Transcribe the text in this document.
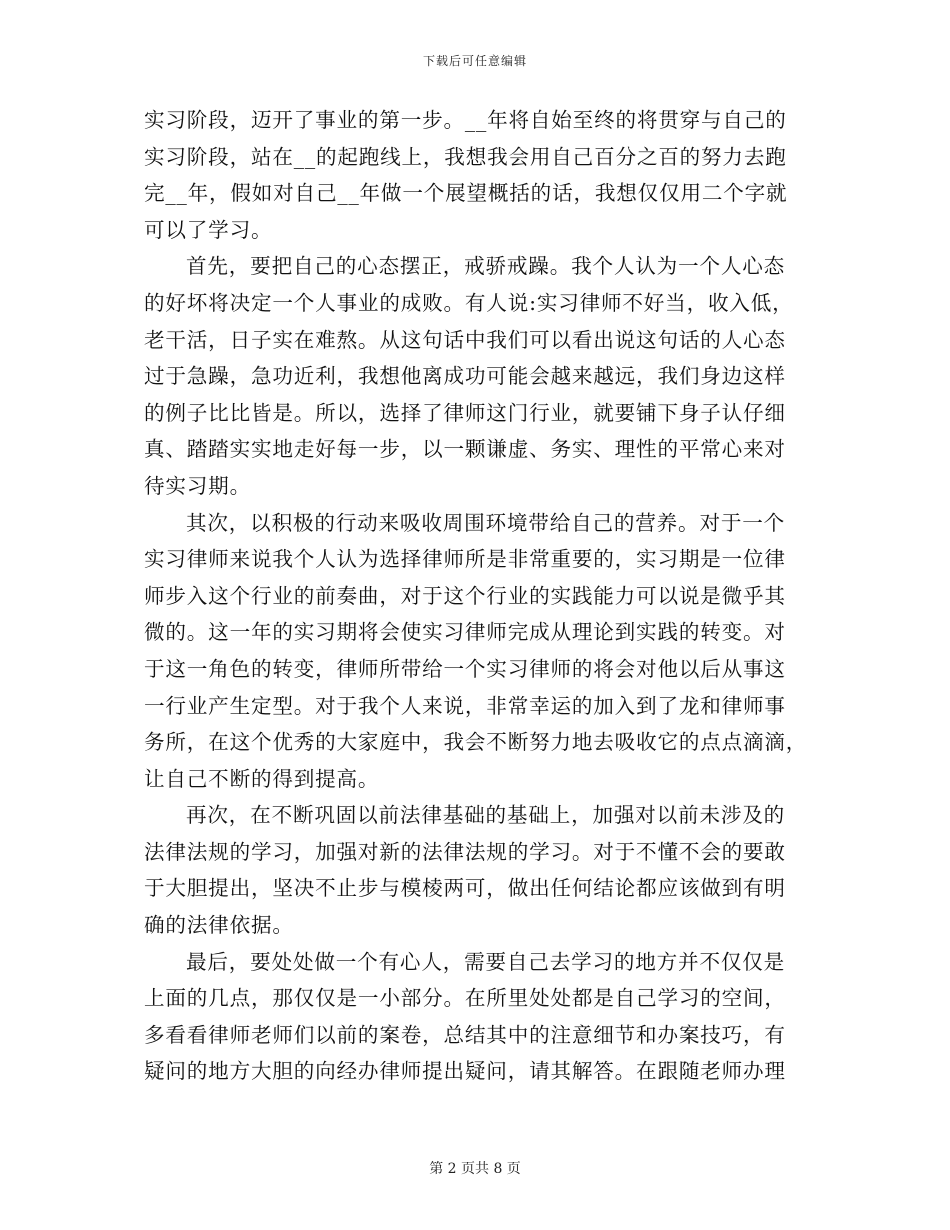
下载后可任意编辑
实习阶段，迈开了事业的第一步。__年将自始至终的将贯穿与自己的
实习阶段，站在__的起跑线上，我想我会用自己百分之百的努力去跑
完__年，假如对自己__年做一个展望概括的话，我想仅仅用二个字就
可以了学习。
首先，要把自己的心态摆正，戒骄戒躁。我个人认为一个人心态
的好坏将决定一个人事业的成败。有人说:实习律师不好当，收入低，
老干活，日子实在难熬。从这句话中我们可以看出说这句话的人心态
过于急躁，急功近利，我想他离成功可能会越来越远，我们身边这样
的例子比比皆是。所以，选择了律师这门行业，就要铺下身子认仔细
真、踏踏实实地走好每一步，以一颗谦虚、务实、理性的平常心来对
待实习期。
其次，以积极的行动来吸收周围环境带给自己的营养。对于一个
实习律师来说我个人认为选择律师所是非常重要的，实习期是一位律
师步入这个行业的前奏曲，对于这个行业的实践能力可以说是微乎其
微的。这一年的实习期将会使实习律师完成从理论到实践的转变。对
于这一角色的转变，律师所带给一个实习律师的将会对他以后从事这
一行业产生定型。对于我个人来说，非常幸运的加入到了龙和律师事
务所，在这个优秀的大家庭中，我会不断努力地去吸收它的点点滴滴，
让自己不断的得到提高。
再次，在不断巩固以前法律基础的基础上，加强对以前未涉及的
法律法规的学习，加强对新的法律法规的学习。对于不懂不会的要敢
于大胆提出，坚决不止步与模棱两可，做出任何结论都应该做到有明
确的法律依据。
最后，要处处做一个有心人，需要自己去学习的地方并不仅仅是
上面的几点，那仅仅是一小部分。在所里处处都是自己学习的空间，
多看看律师老师们以前的案卷，总结其中的注意细节和办案技巧，有
疑问的地方大胆的向经办律师提出疑问，请其解答。在跟随老师办理
第 2 页共 8 页
